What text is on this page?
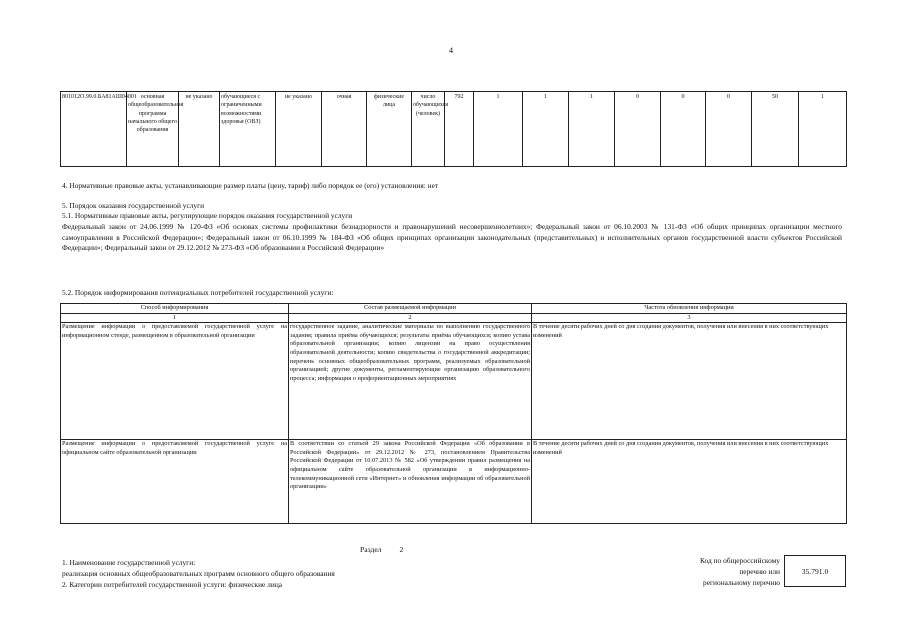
4
801012О.99.0.БА81АШ04001	основная общеобразовательная программа начального общего образования	не указано	обучающиеся с ограниченными возможностями здоровья (ОВЗ)	не указано	очная	физические лица	число обучающихся (человек)	792	1	1	1	0	0	0	50	1
4. Нормативные правовые акты, устанавливающие размер платы (цену, тариф) либо порядок ее (его) установления: нет
5. Порядок оказания государственной услуги
5.1. Нормативные правовые акты, регулирующие порядок оказания государственной услуги
Федеральный закон от 24.06.1999 № 120-ФЗ «Об основах системы профилактики безнадзорности и правонарушений несовершеннолетних»; Федеральный закон от 06.10.2003 № 131-ФЗ «Об общих принципах организации местного самоуправления в Российской Федерации»; Федеральный закон от 06.10.1999 № 184-ФЗ «Об общих принципах организации законодательных (представительных) и исполнительных органов государственной власти субъектов Российской Федерации»; Федеральный закон от 29.12.2012 № 273-ФЗ «Об образовании в Российской Федерации»
5.2. Порядок информирования потенциальных потребителей государственной услуги:
Способ информирования	Состав размещаемой информации	Частота обновления информации
1	2	3
Размещение информации о предоставляемой государственной услуге на информационном стенде, размещенном в образовательной организации	государственное задание, аналитические материалы по выполнению государственного задания; правила приёма обучающихся; результаты приёма обучающихся; копию устава образовательной организации; копию лицензии на право осуществления образовательной деятельности; копию свидетельства о государственной аккредитации; перечень основных общеобразовательных программ, реализуемых образовательной организацией; другие документы, регламентирующие организацию образовательного процесса; информация о профориентационных мероприятиях	В течение десяти рабочих дней со дня создания документов, получения или внесения в них соответствующих изменений
Размещение информации о предоставляемой государственной услуге на официальном сайте образовательной организации	В соответствии со статьей 29 закона Российской Федерации «Об образовании в Российской Федерации» от 29.12.2012 № 273, постановлением Правительства Российской Федерации от 10.07.2013 № 582 «Об утверждении правил размещения на официальном сайте образовательной организации в информационно-телекоммуникационной сети «Интернет» и обновления информации об образовательной организации»	В течение десяти рабочих дней со дня создания документов, получения или внесения в них соответствующих изменений
Раздел 2
1. Наименование государственной услуги:
реализация основных общеобразовательных программ основного общего образования
2. Категории потребителей государственной услуги: физические лица
Код по общероссийскому
перечню или
региональному перечню
35.791.0
